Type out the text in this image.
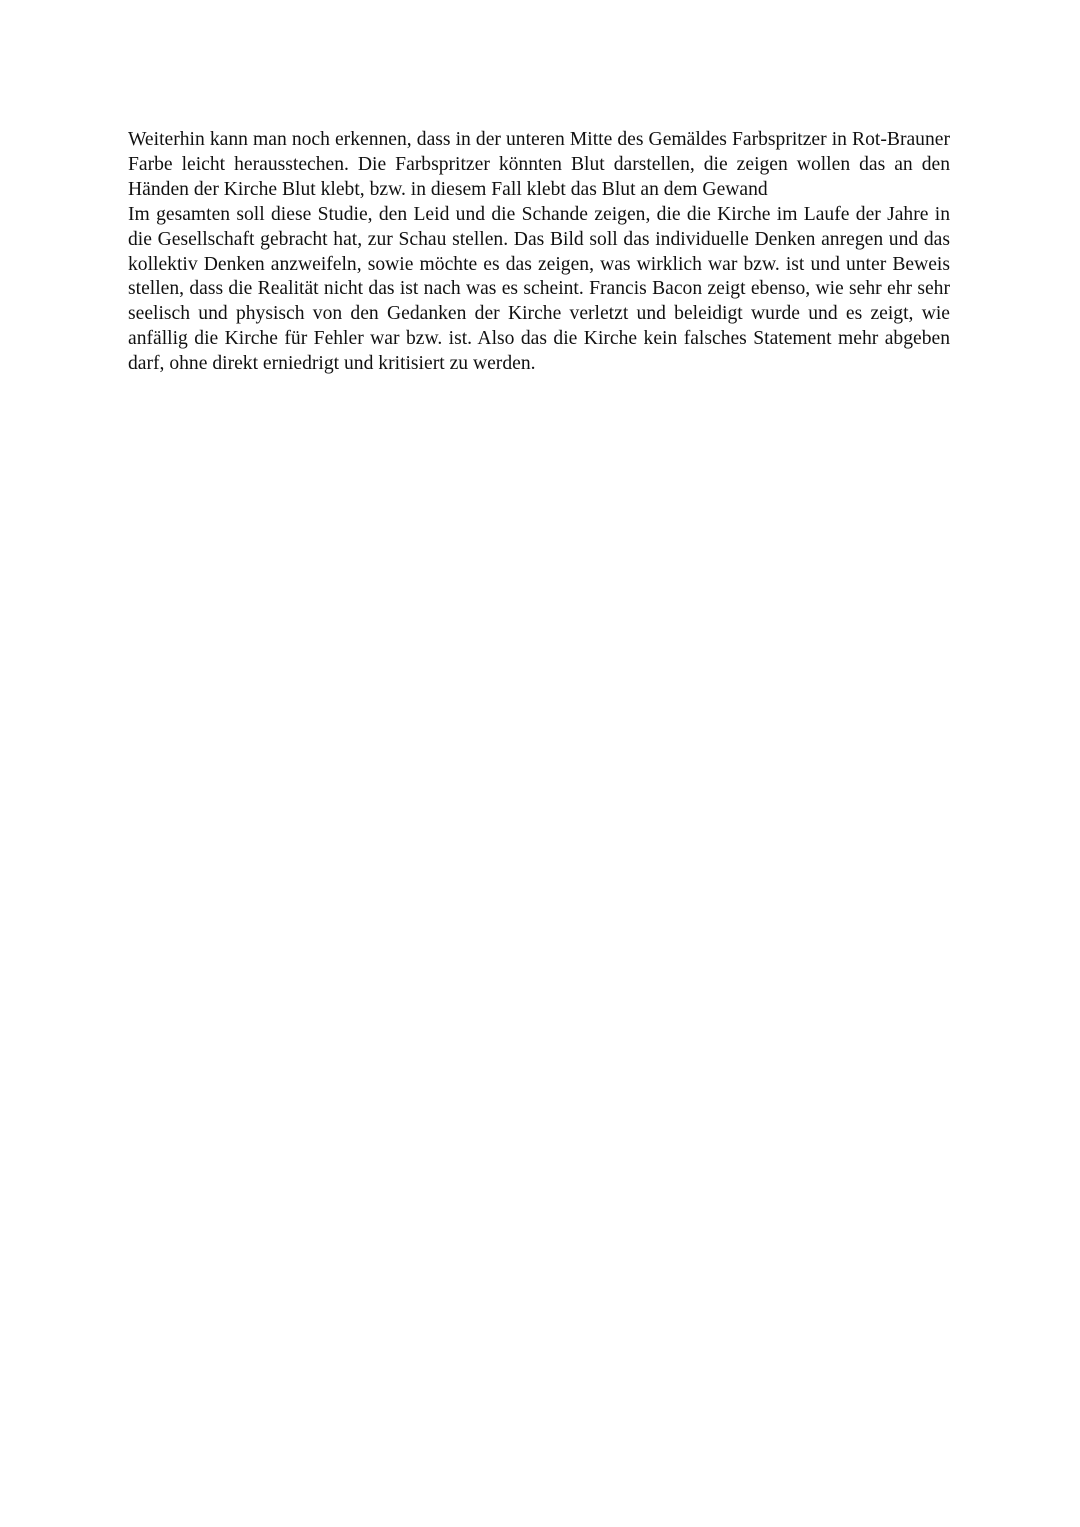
Weiterhin kann man noch erkennen, dass in der unteren Mitte des Gemäldes Farbspritzer in Rot-Brauner Farbe leicht herausstechen. Die Farbspritzer könnten Blut darstellen, die zeigen wollen das an den Händen der Kirche Blut klebt, bzw. in diesem Fall klebt das Blut an dem Gewand

Im gesamten soll diese Studie, den Leid und die Schande zeigen, die die Kirche im Laufe der Jahre in die Gesellschaft gebracht hat, zur Schau stellen. Das Bild soll das individuelle Denken anregen und das kollektiv Denken anzweifeln, sowie möchte es das zeigen, was wirklich war bzw. ist und unter Beweis stellen, dass die Realität nicht das ist nach was es scheint. Francis Bacon zeigt ebenso, wie sehr ehr sehr seelisch und physisch von den Gedanken der Kirche verletzt und beleidigt wurde und es zeigt, wie anfällig die Kirche für Fehler war bzw. ist. Also das die Kirche kein falsches Statement mehr abgeben darf, ohne direkt erniedrigt und kritisiert zu werden.
